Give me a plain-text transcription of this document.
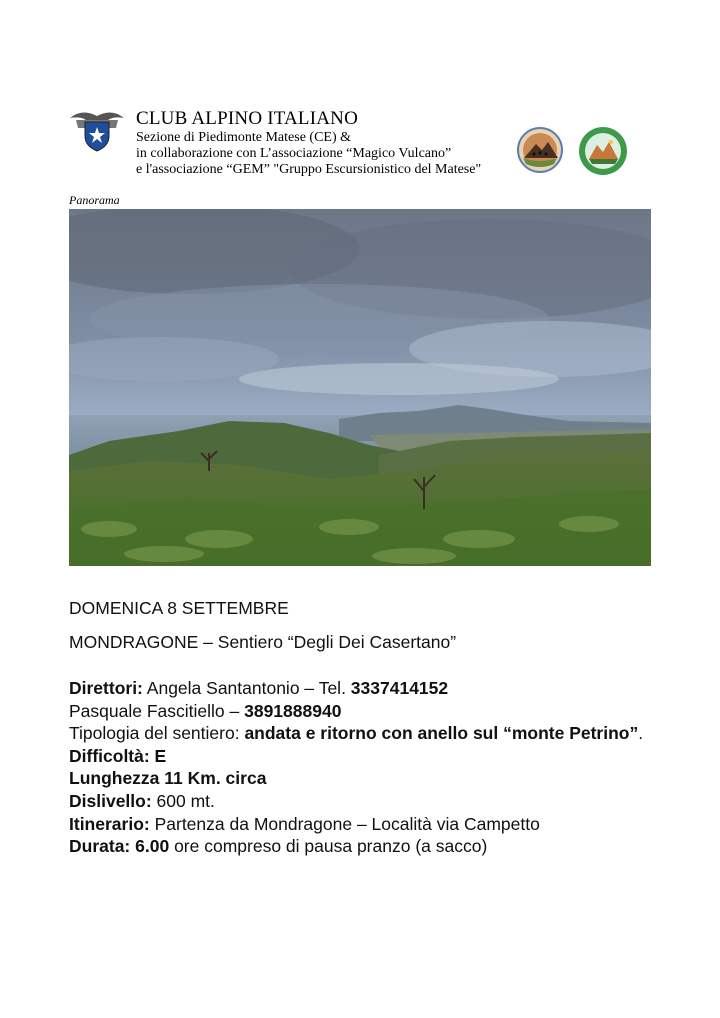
CLUB ALPINO ITALIANO
Sezione di Piedimonte Matese (CE) &
in collaborazione con L’associazione “Magico Vulcano”
e l'associazione “GEM” "Gruppo Escursionistico del Matese"
Panorama
DOMENICA 8 SETTEMBRE
MONDRAGONE – Sentiero “Degli Dei Casertano”
Direttori: Angela Santantonio – Tel. 3337414152
Pasquale Fascitiello – 3891888940
Tipologia del sentiero: andata e ritorno con anello sul “monte Petrino”.
Difficoltà: E
Lunghezza 11 Km. circa
Dislivello: 600 mt.
Itinerario: Partenza da Mondragone – Località via Campetto
Durata: 6.00 ore compreso di pausa pranzo (a sacco)
